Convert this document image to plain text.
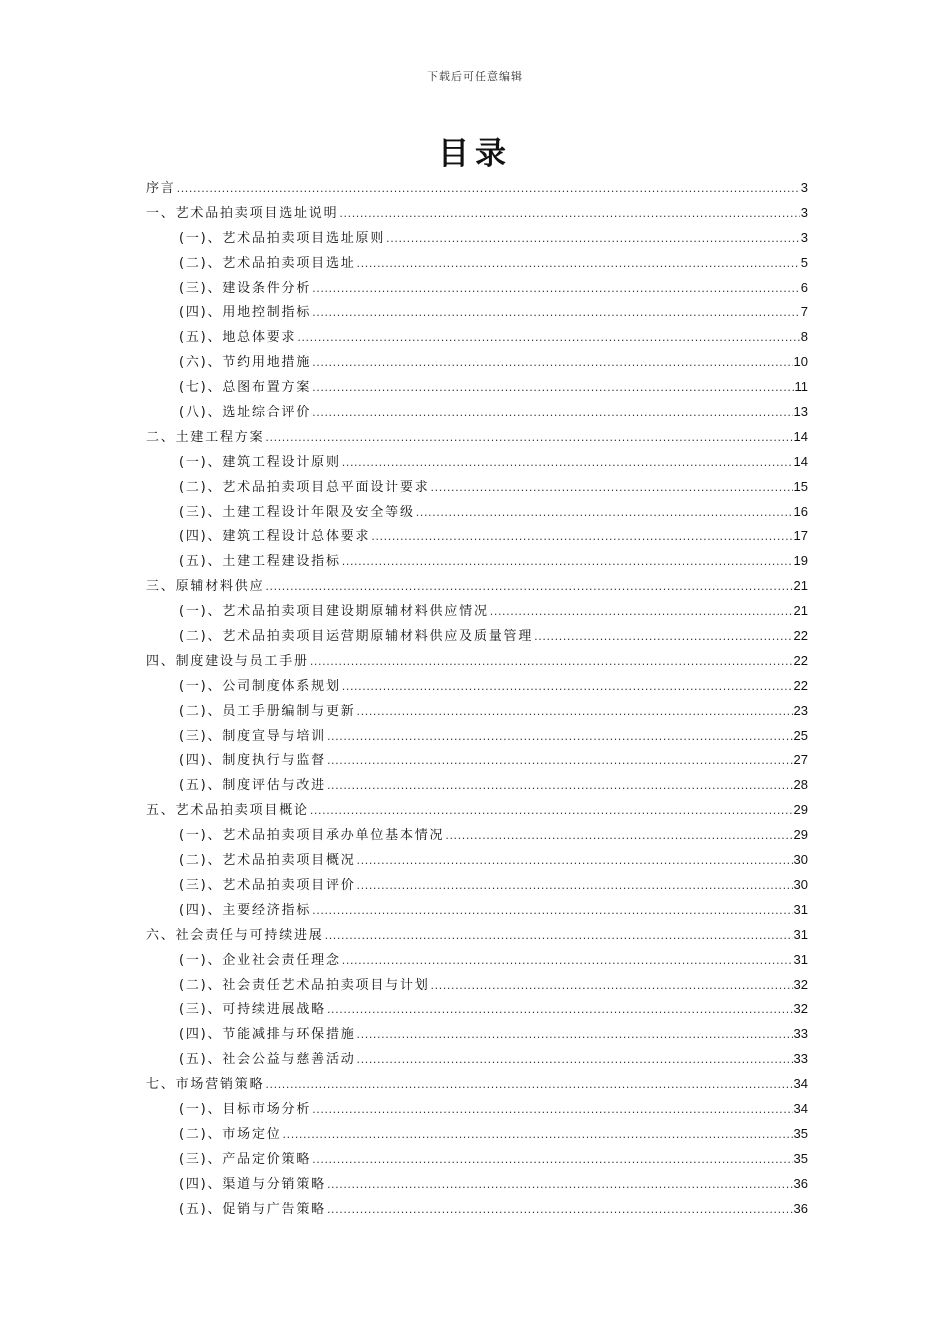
下载后可任意编辑
目录
序言 .....	3
一、艺术品拍卖项目选址说明 .....	3
(一)、艺术品拍卖项目选址原则 .....	3
(二)、艺术品拍卖项目选址 .....	5
(三)、建设条件分析 .....	6
(四)、用地控制指标 .....	7
(五)、地总体要求 .....	8
(六)、节约用地措施 .....	10
(七)、总图布置方案 .....	11
(八)、选址综合评价 .....	13
二、土建工程方案 .....	14
(一)、建筑工程设计原则 .....	14
(二)、艺术品拍卖项目总平面设计要求 .....	15
(三)、土建工程设计年限及安全等级 .....	16
(四)、建筑工程设计总体要求 .....	17
(五)、土建工程建设指标 .....	19
三、原辅材料供应 .....	21
(一)、艺术品拍卖项目建设期原辅材料供应情况 .....	21
(二)、艺术品拍卖项目运营期原辅材料供应及质量管理 .....	22
四、制度建设与员工手册 .....	22
(一)、公司制度体系规划 .....	22
(二)、员工手册编制与更新 .....	23
(三)、制度宣导与培训 .....	25
(四)、制度执行与监督 .....	27
(五)、制度评估与改进 .....	28
五、艺术品拍卖项目概论 .....	29
(一)、艺术品拍卖项目承办单位基本情况 .....	29
(二)、艺术品拍卖项目概况 .....	30
(三)、艺术品拍卖项目评价 .....	30
(四)、主要经济指标 .....	31
六、社会责任与可持续进展 .....	31
(一)、企业社会责任理念 .....	31
(二)、社会责任艺术品拍卖项目与计划 .....	32
(三)、可持续进展战略 .....	32
(四)、节能减排与环保措施 .....	33
(五)、社会公益与慈善活动 .....	33
七、市场营销策略 .....	34
(一)、目标市场分析 .....	34
(二)、市场定位 .....	35
(三)、产品定价策略 .....	35
(四)、渠道与分销策略 .....	36
(五)、促销与广告策略 .....	36
